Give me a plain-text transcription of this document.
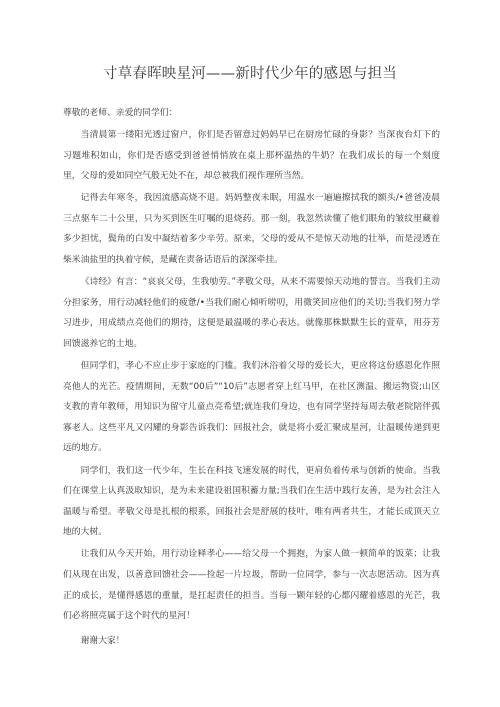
寸草春晖映星河——新时代少年的感恩与担当

尊敬的老师、亲爱的同学们：

当清晨第一缕阳光透过窗户，你们是否留意过妈妈早已在厨房忙碌的身影？当深夜台灯下的习题堆积如山，你们是否感受到爸爸悄悄放在桌上那杯温热的牛奶？在我们成长的每一个刻度里，父母的爱如同空气般无处不在，却总被我们视作理所当然。

记得去年寒冬，我因流感高烧不退。妈妈整夜未眠，用温水一遍遍擦拭我的额头/•爸爸凌晨三点驱车二十公里，只为买到医生叮嘱的退烧药。那一刻，我忽然读懂了他们眼角的皱纹里藏着多少担忧，鬓角的白发中凝结着多少辛劳。原来，父母的爱从不是惊天动地的壮举，而是浸透在柴米油盐里的执着守候，是藏在责备话语后的深深牵挂。

《诗经》有言：“哀哀父母，生我劬劳。”孝敬父母，从来不需要惊天动地的誓言。当我们主动分担家务，用行动减轻他们的疲惫/•当我们耐心倾听唠叨，用微笑回应他们的关切;当我们努力学习进步，用成绩点亮他们的期待，这便是最温暖的孝心表达。就像那株默默生长的萱草，用芬芳回馈滋养它的土地。

但同学们，孝心不应止步于家庭的门槛。我们沐浴着父母的爱长大，更应将这份感恩化作照亮他人的光芒。疫情期间，无数“00后”“10后”志愿者穿上红马甲，在社区测温、搬运物资;山区支教的青年教师，用知识为留守儿童点亮希望;就连我们身边，也有同学坚持每周去敬老院陪伴孤寡老人。这些平凡又闪耀的身影告诉我们：回报社会，就是将小爱汇聚成星河，让温暖传递到更远的地方。

同学们，我们这一代少年，生长在科技飞速发展的时代，更肩负着传承与创新的使命。当我们在课堂上认真汲取知识，是为未来建设祖国积蓄力量;当我们在生活中践行友善，是为社会注入温暖与希望。孝敬父母是扎根的根系，回报社会是舒展的枝叶，唯有两者共生，才能长成顶天立地的大树。

让我们从今天开始，用行动诠释孝心——给父母一个拥抱，为家人做一顿简单的饭菜；让我们从现在出发，以善意回馈社会——捡起一片垃圾，帮助一位同学，参与一次志愿活动。因为真正的成长，是懂得感恩的重量，是扛起责任的担当。当每一颗年轻的心都闪耀着感恩的光芒，我们必将照亮属于这个时代的星河！

谢谢大家！
